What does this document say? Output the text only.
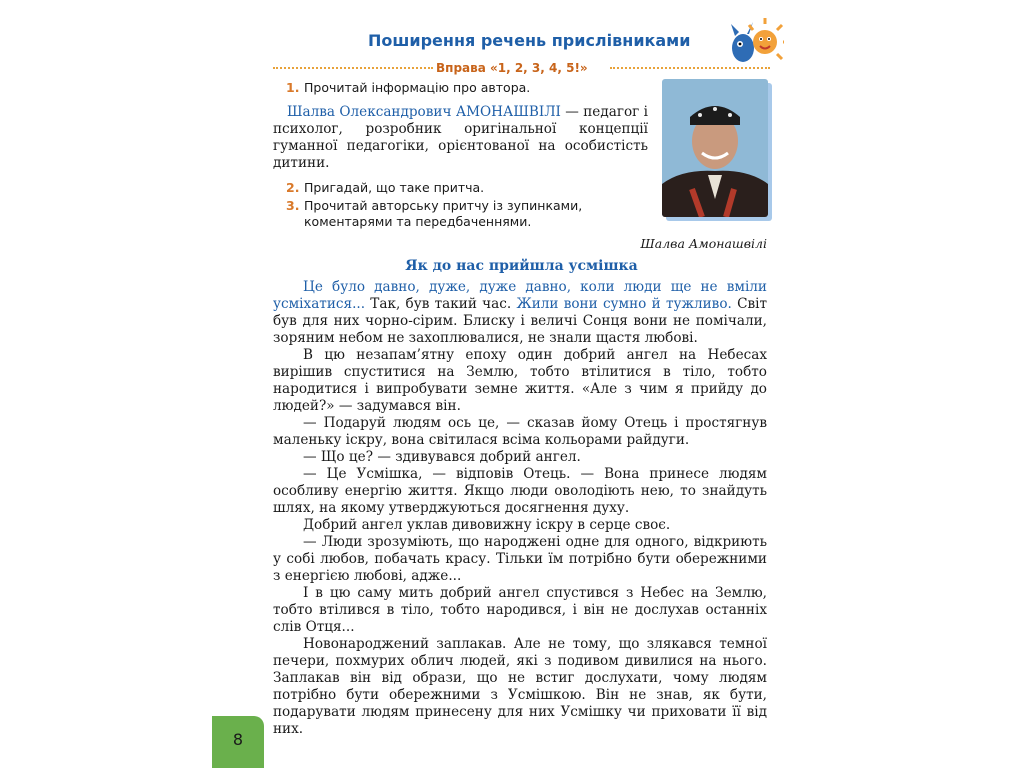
Поширення речень прислівниками
Вправа «1, 2, 3, 4, 5!»
1. Прочитай інформацію про автора.
Шалва Олександрович АМОНАШВІЛІ — педагог і психолог, розробник оригінальної концепції гуманної педагогіки, орієнтованої на особистість дитини.
2. Пригадай, що таке притча.
3. Прочитай авторську притчу із зупинками, коментарями та передбаченнями.
Шалва Амонашвілі
Як до нас прийшла усмішка

Це було давно, дуже, дуже давно, коли люди ще не вміли усміхатися... Так, був такий час. Жили вони сумно й тужливо. Світ був для них чорно-сірим. Блиску і величі Сонця вони не помічали, зоряним небом не захоплювалися, не знали щастя любові.

В цю незапам’ятну епоху один добрий ангел на Небесах вирішив спуститися на Землю, тобто втілитися в тіло, тобто народитися і випробувати земне життя. «Але з чим я прийду до людей?» — задумався він.

— Подаруй людям ось це, — сказав йому Отець і простягнув маленьку іскру, вона світилася всіма кольорами райдуги.

— Що це? — здивувався добрий ангел.

— Це Усмішка, — відповів Отець. — Вона принесе людям особливу енергію життя. Якщо люди оволодіють нею, то знайдуть шлях, на якому утверджуються досягнення духу.

Добрий ангел уклав дивовижну іскру в серце своє.

— Люди зрозуміють, що народжені одне для одного, відкриють у собі любов, побачать красу. Тільки їм потрібно бути обережними з енергією любові, адже...

І в цю саму мить добрий ангел спустився з Небес на Землю, тобто втілився в тіло, тобто народився, і він не дослухав останніх слів Отця...

Новонароджений заплакав. Але не тому, що злякався темної печери, похмурих облич людей, які з подивом дивилися на нього. Заплакав він від образи, що не встиг дослухати, чому людям потрібно бути обережними з Усмішкою. Він не знав, як бути, подарувати людям принесену для них Усмішку чи приховати її від них.

8
